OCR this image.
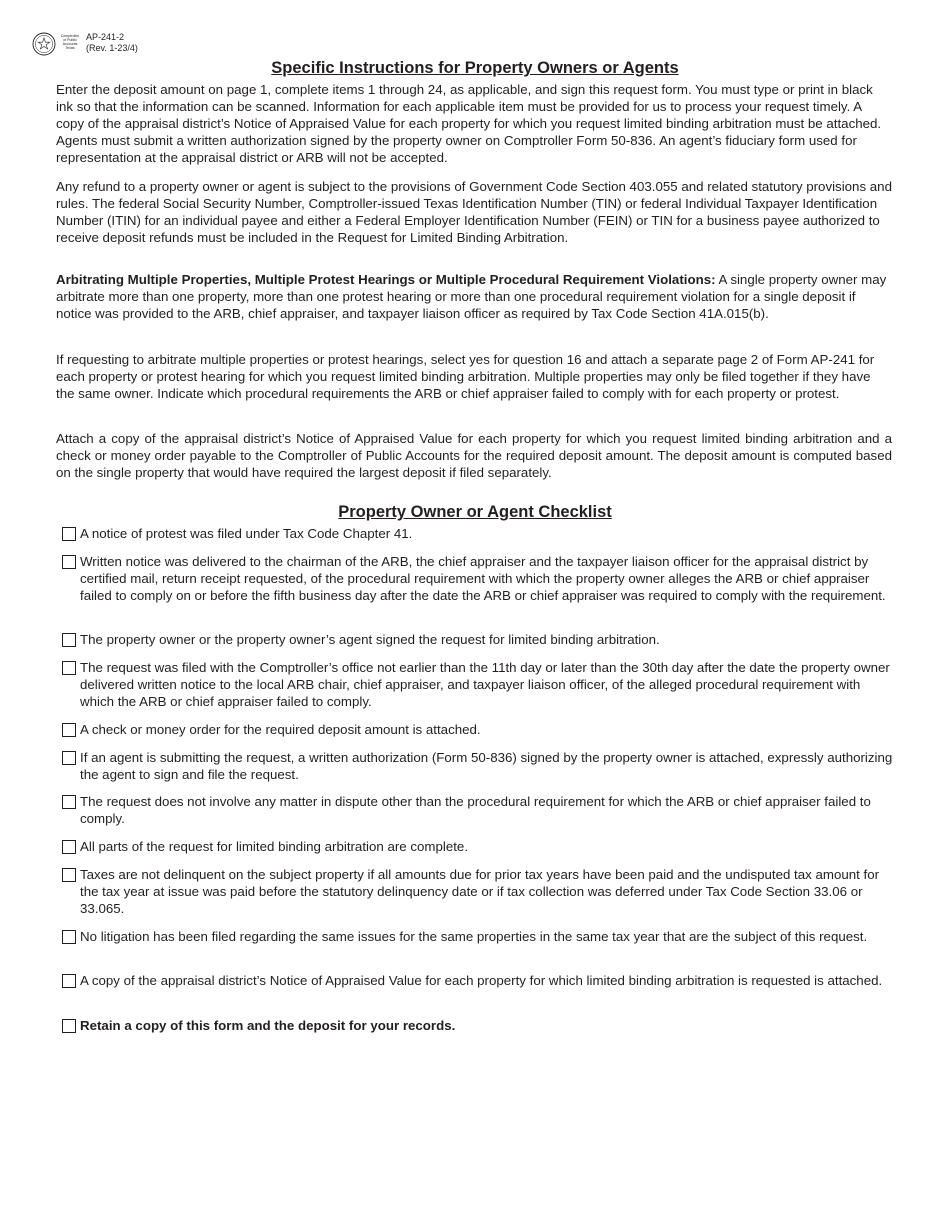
Comptroller of Public Accounts Texas
AP-241-2
(Rev. 1-23/4)
Specific Instructions for Property Owners or Agents

Enter the deposit amount on page 1, complete items 1 through 24, as applicable, and sign this request form. You must type or print in black ink so that the information can be scanned. Information for each applicable item must be provided for us to process your request timely. A copy of the appraisal district’s Notice of Appraised Value for each property for which you request limited binding arbitration must be attached. Agents must submit a written authorization signed by the property owner on Comptroller Form 50-836. An agent’s fiduciary form used for representation at the appraisal district or ARB will not be accepted.

Any refund to a property owner or agent is subject to the provisions of Government Code Section 403.055 and related statutory provisions and rules. The federal Social Security Number, Comptroller-issued Texas Identification Number (TIN) or federal Individual Taxpayer Identification Number (ITIN) for an individual payee and either a Federal Employer Identification Number (FEIN) or TIN for a business payee authorized to receive deposit refunds must be included in the Request for Limited Binding Arbitration.

Arbitrating Multiple Properties, Multiple Protest Hearings or Multiple Procedural Requirement Violations: A single property owner may arbitrate more than one property, more than one protest hearing or more than one procedural requirement violation for a single deposit if notice was provided to the ARB, chief appraiser, and taxpayer liaison officer as required by Tax Code Section 41A.015(b).

If requesting to arbitrate multiple properties or protest hearings, select yes for question 16 and attach a separate page 2 of Form AP-241 for each property or protest hearing for which you request limited binding arbitration. Multiple properties may only be filed together if they have the same owner. Indicate which procedural requirements the ARB or chief appraiser failed to comply with for each property or protest.

Attach a copy of the appraisal district’s Notice of Appraised Value for each property for which you request limited binding arbitration and a check or money order payable to the Comptroller of Public Accounts for the required deposit amount. The deposit amount is computed based on the single property that would have required the largest deposit if filed separately.

Property Owner or Agent Checklist
A notice of protest was filed under Tax Code Chapter 41.
Written notice was delivered to the chairman of the ARB, the chief appraiser and the taxpayer liaison officer for the appraisal district by certified mail, return receipt requested, of the procedural requirement with which the property owner alleges the ARB or chief appraiser failed to comply on or before the fifth business day after the date the ARB or chief appraiser was required to comply with the requirement.
The property owner or the property owner’s agent signed the request for limited binding arbitration.
The request was filed with the Comptroller’s office not earlier than the 11th day or later than the 30th day after the date the property owner delivered written notice to the local ARB chair, chief appraiser, and taxpayer liaison officer, of the alleged procedural requirement with which the ARB or chief appraiser failed to comply.
A check or money order for the required deposit amount is attached.
If an agent is submitting the request, a written authorization (Form 50-836) signed by the property owner is attached, expressly authorizing the agent to sign and file the request.
The request does not involve any matter in dispute other than the procedural requirement for which the ARB or chief appraiser failed to comply.
All parts of the request for limited binding arbitration are complete.
Taxes are not delinquent on the subject property if all amounts due for prior tax years have been paid and the undisputed tax amount for the tax year at issue was paid before the statutory delinquency date or if tax collection was deferred under Tax Code Section 33.06 or 33.065.
No litigation has been filed regarding the same issues for the same properties in the same tax year that are the subject of this request.
A copy of the appraisal district’s Notice of Appraised Value for each property for which limited binding arbitration is requested is attached.
Retain a copy of this form and the deposit for your records.
